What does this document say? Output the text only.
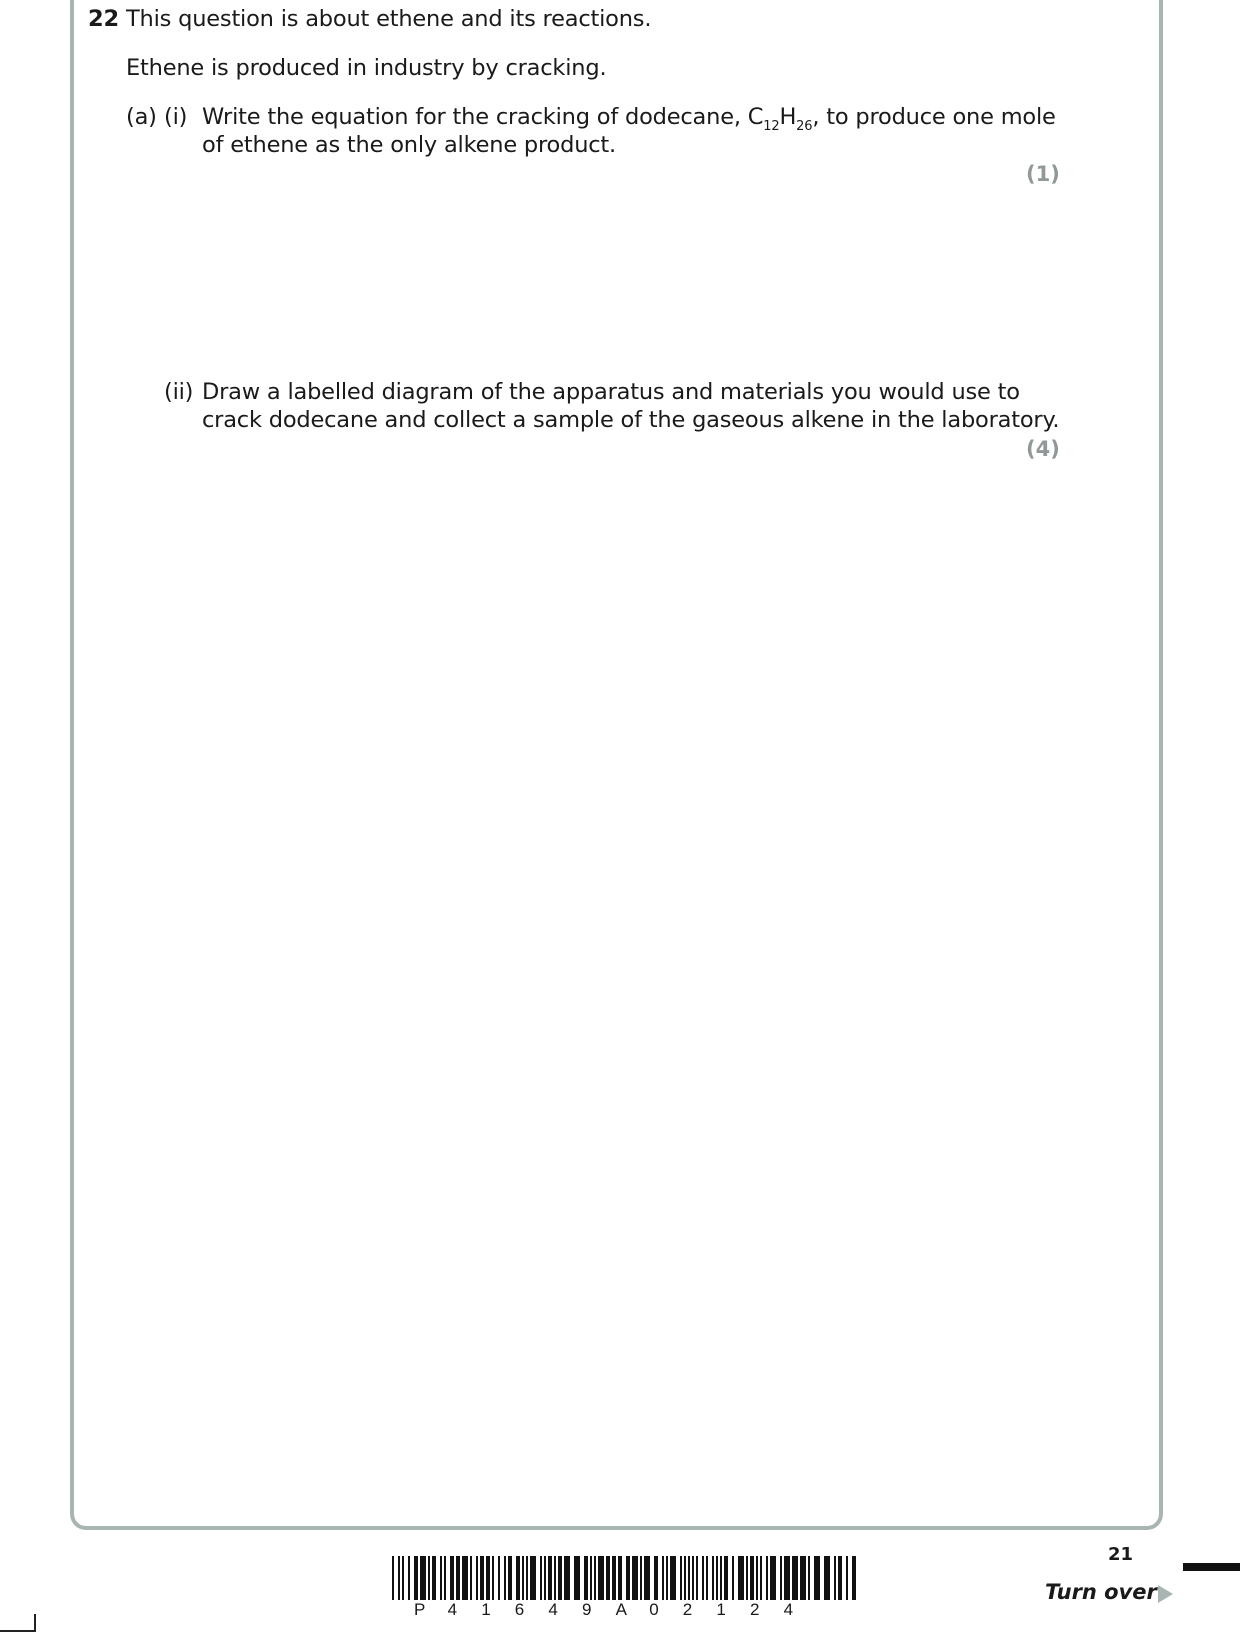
22 This question is about ethene and its reactions.
Ethene is produced in industry by cracking.
(a) (i) Write the equation for the cracking of dodecane, $C_{12}H_{26}$, to produce one mole
of ethene as the only alkene product.
(1)
(ii) Draw a labelled diagram of the apparatus and materials you would use to
crack dodecane and collect a sample of the gaseous alkene in the laboratory.
(4)
P 4 1 6 4 9 A 0 2 1 2 4
21
Turn over
